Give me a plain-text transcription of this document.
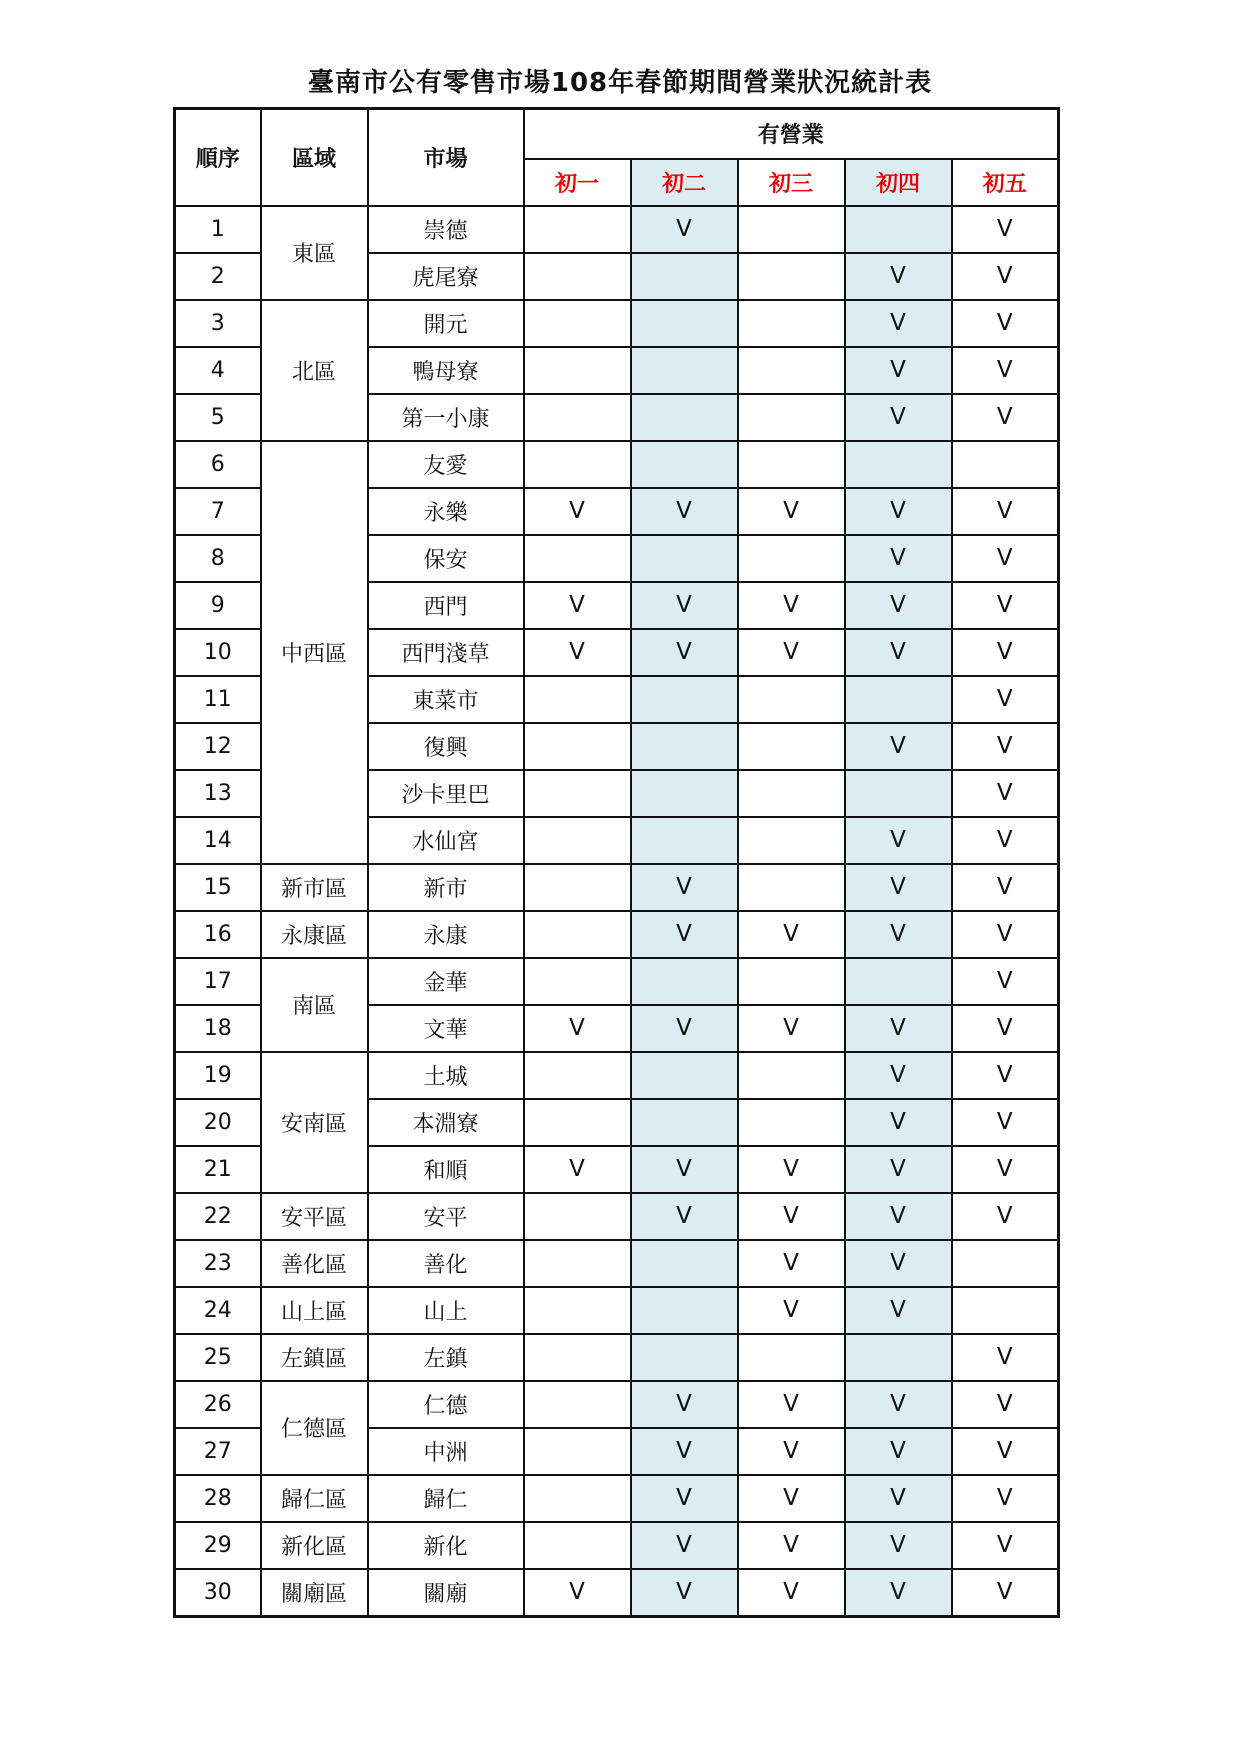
臺南市公有零售市場108年春節期間營業狀況統計表
順序	區域	市場	有營業				
			初一	初二	初三	初四	初五
1	東區	崇德		V			V
2		虎尾寮				V	V
3	北區	開元				V	V
4		鴨母寮				V	V
5		第一小康				V	V
6	中西區	友愛					
7		永樂	V	V	V	V	V
8		保安				V	V
9		西門	V	V	V	V	V
10		西門淺草	V	V	V	V	V
11		東菜市					V
12		復興				V	V
13		沙卡里巴					V
14		水仙宮				V	V
15	新市區	新市		V		V	V
16	永康區	永康		V	V	V	V
17	南區	金華					V
18		文華	V	V	V	V	V
19	安南區	土城				V	V
20		本淵寮				V	V
21		和順	V	V	V	V	V
22	安平區	安平		V	V	V	V
23	善化區	善化			V	V	
24	山上區	山上			V	V	
25	左鎮區	左鎮					V
26	仁德區	仁德		V	V	V	V
27		中洲		V	V	V	V
28	歸仁區	歸仁		V	V	V	V
29	新化區	新化		V	V	V	V
30	關廟區	關廟	V	V	V	V	V
